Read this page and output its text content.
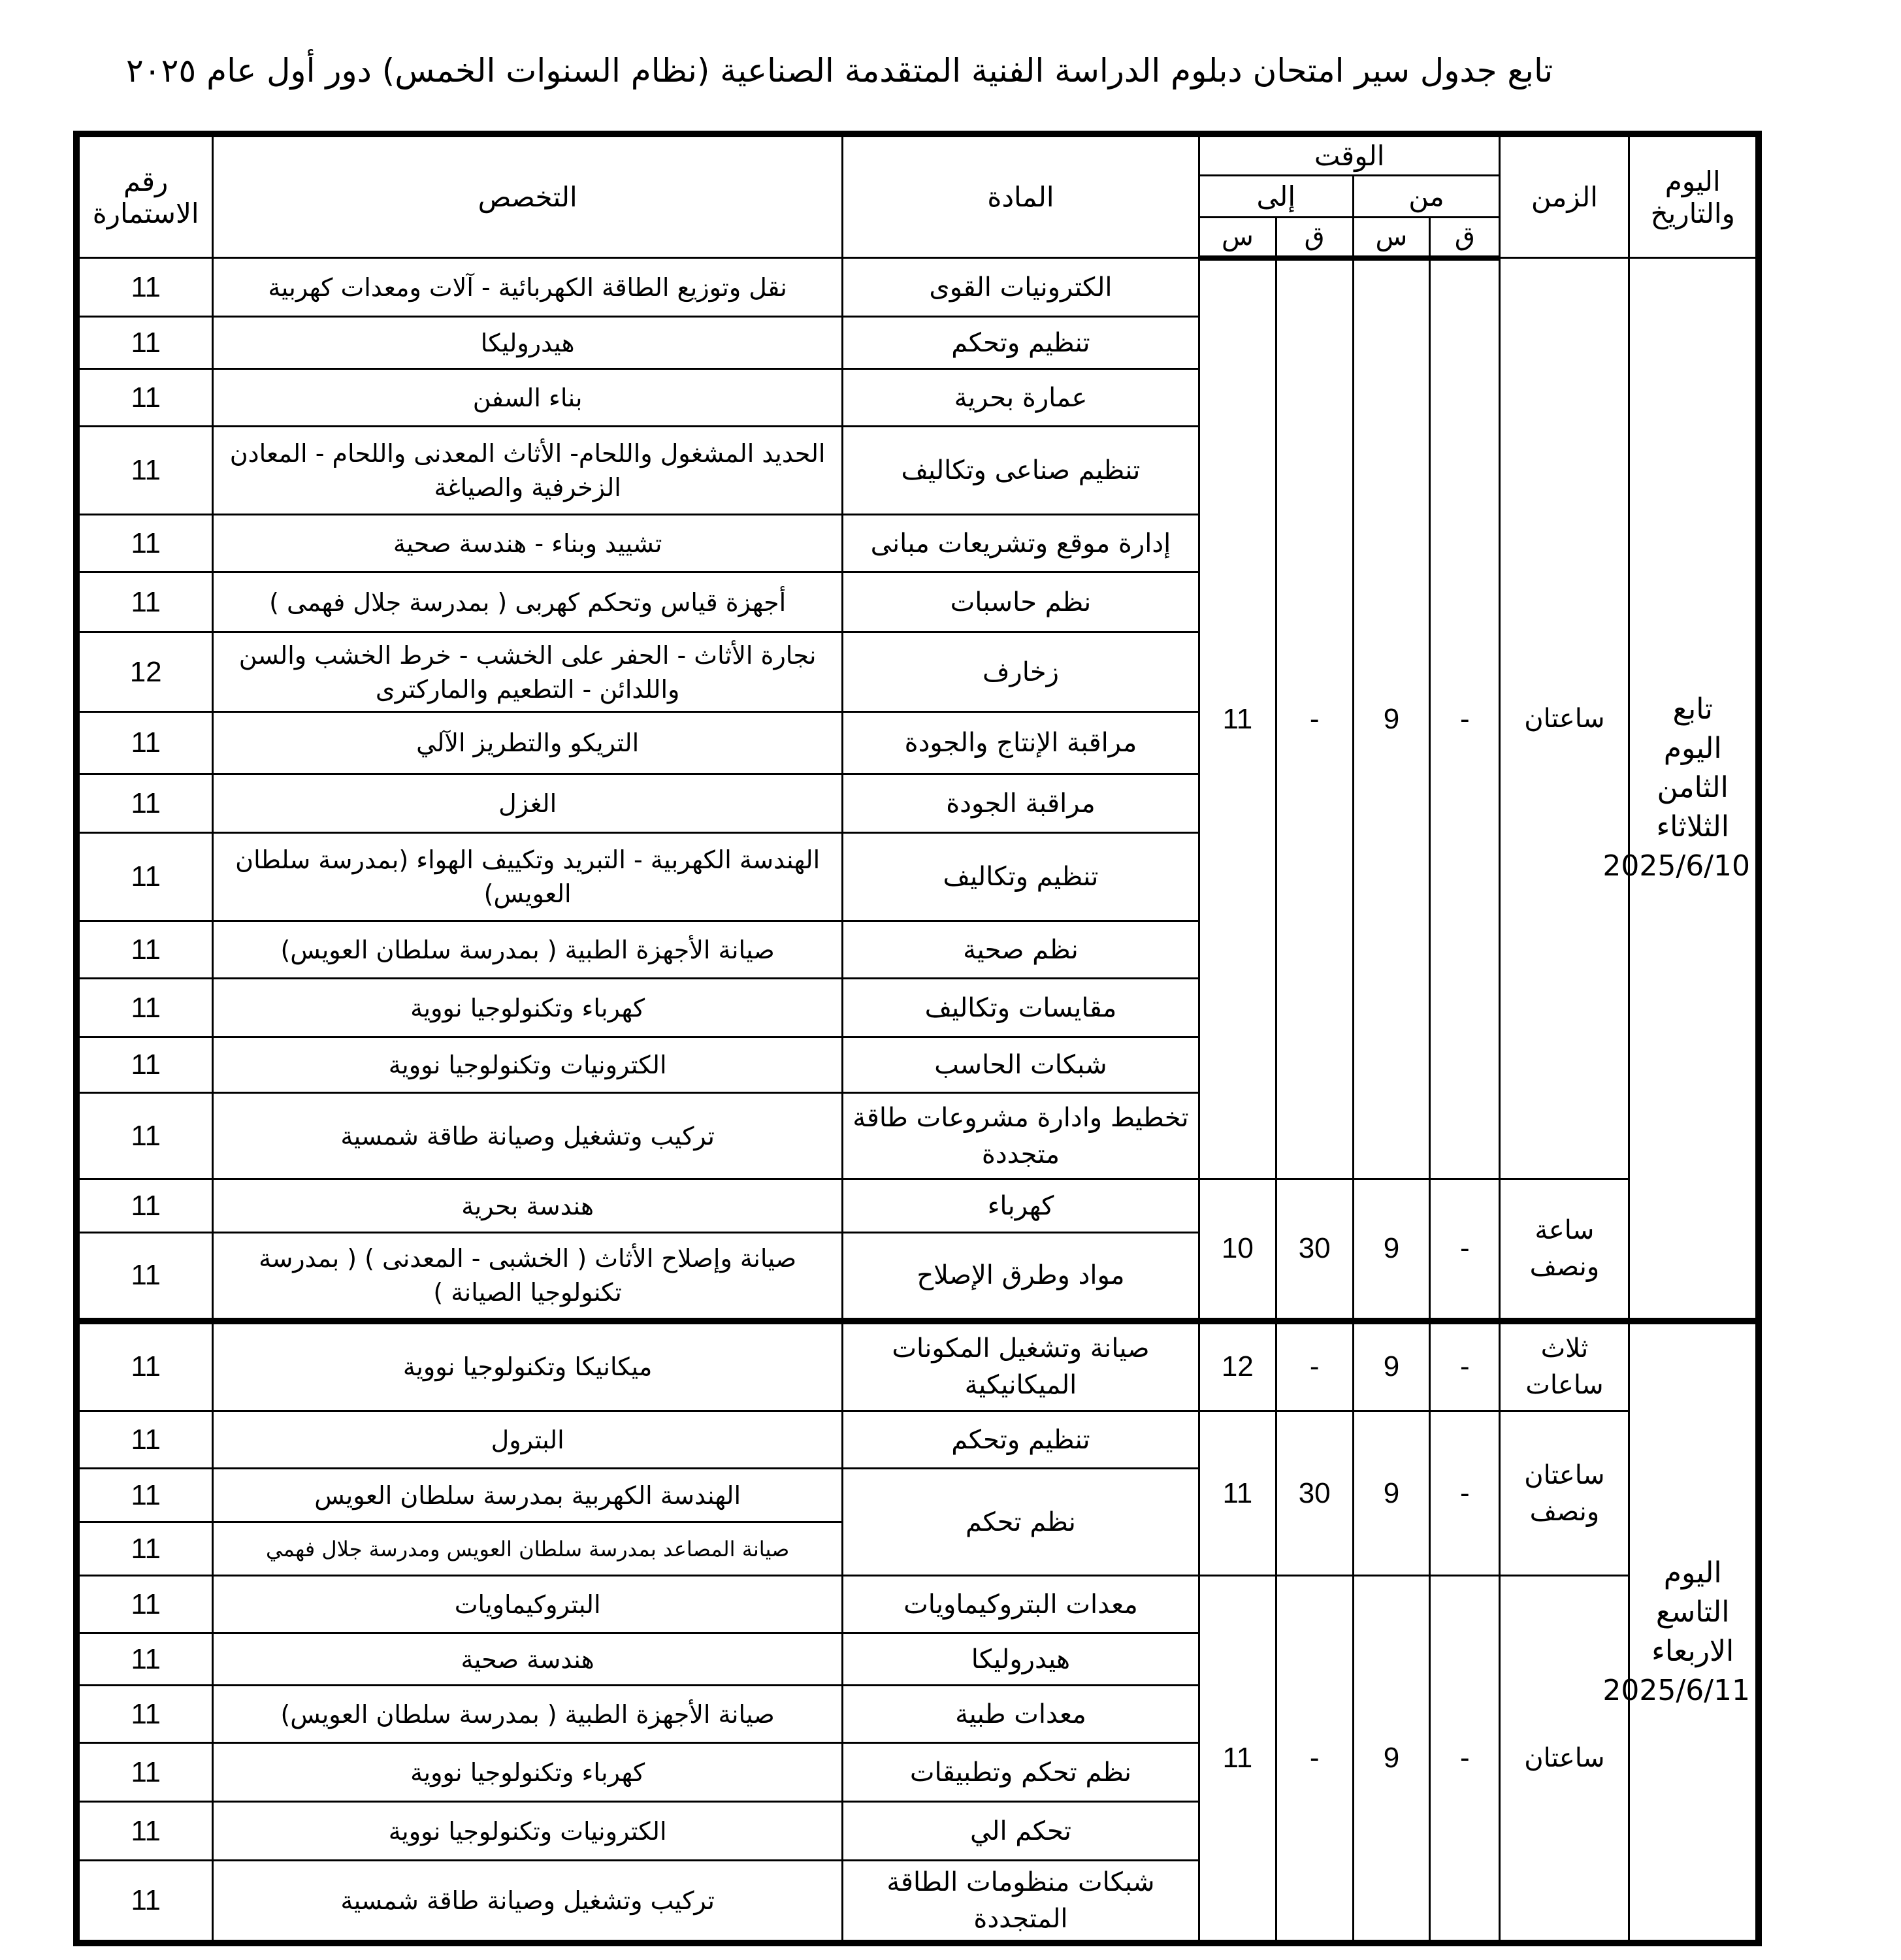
تابع جدول سير امتحان دبلوم الدراسة الفنية المتقدمة الصناعية (نظام السنوات الخمس) دور أول عام ٢٠٢٥
اليوم والتاريخ	الزمن	الوقت				المادة	التخصص	رقم الاستمارة
		من		إلى				
		ق	س	ق	س			

تابع
اليوم الثامن
الثلاثاء
2025/6/10	ساعتان	-	9	-	11	الكترونيات القوى	نقل وتوزيع الطاقة الكهربائية - آلات ومعدات كهربية	11
						تنظيم وتحكم	هيدروليكا	11
						عمارة بحرية	بناء السفن	11
						تنظيم صناعى وتكاليف	الحديد المشغول واللحام- الأثاث المعدنى واللحام - المعادن الزخرفية والصياغة	11
						إدارة موقع وتشريعات مبانى	تشييد وبناء - هندسة صحية	11
						نظم حاسبات	أجهزة قياس وتحكم كهربى ( بمدرسة جلال فهمى )	11
						زخارف	نجارة الأثاث - الحفر على الخشب - خرط الخشب والسن واللدائن - التطعيم والماركترى	12
						مراقبة الإنتاج والجودة	التريكو والتطريز الآلي	11
						مراقبة الجودة	الغزل	11
						تنظيم وتكاليف	الهندسة الكهربية - التبريد وتكييف الهواء (بمدرسة سلطان العويس)	11
						نظم صحية	صيانة الأجهزة الطبية ( بمدرسة سلطان العويس)	11
						مقايسات وتكاليف	كهرباء وتكنولوجيا نووية	11
						شبكات الحاسب	الكترونيات وتكنولوجيا نووية	11
						تخطيط وادارة مشروعات طاقة متجددة	تركيب وتشغيل وصيانة طاقة شمسية	11
	ساعة ونصف	-	9	30	10	كهرباء	هندسة بحرية	11
						مواد وطرق الإصلاح	صيانة وإصلاح الأثاث ( الخشبى - المعدنى ) ( بمدرسة تكنولوجيا الصيانة )	11

اليوم التاسع
الاربعاء
2025/6/11	ثلاث ساعات	-	9	-	12	صيانة وتشغيل المكونات الميكانيكية	ميكانيكا وتكنولوجيا نووية	11
	ساعتان ونصف	-	9	30	11	تنظيم وتحكم	البترول	11
						نظم تحكم	الهندسة الكهربية بمدرسة سلطان العويس	11
							صيانة المصاعد بمدرسة سلطان العويس ومدرسة جلال فهمي	11
	ساعتان	-	9	-	11	معدات البتروكيماويات	البتروكيماويات	11
						هيدروليكا	هندسة صحية	11
						معدات طبية	صيانة الأجهزة الطبية ( بمدرسة سلطان العويس)	11
						نظم تحكم وتطبيقات	كهرباء وتكنولوجيا نووية	11
						تحكم الي	الكترونيات وتكنولوجيا نووية	11
						شبكات منظومات الطاقة المتجددة	تركيب وتشغيل وصيانة طاقة شمسية	11
